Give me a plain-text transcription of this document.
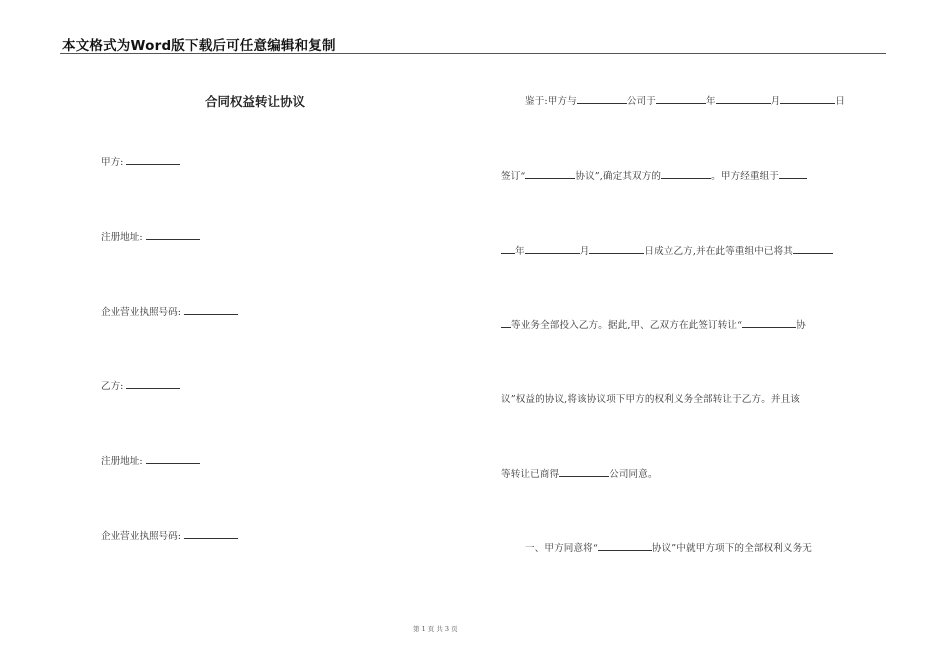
本文格式为Word版下载后可任意编辑和复制
合同权益转让协议
甲方:
注册地址:
企业营业执照号码:
乙方:
注册地址:
企业营业执照号码:
鉴于:甲方与	公司于	年	月	日
签订“	协议”,确定其双方的	。甲方经重组于
年	月	日成立乙方,并在此等重组中已将其
等业务全部投入乙方。据此,甲、乙双方在此签订转让“	协
议”权益的协议,将该协议项下甲方的权利义务全部转让于乙方。并且该
等转让已商得	公司同意。
一、甲方同意将“	协议”中就甲方项下的全部权利义务无
第 1 页 共 3 页
